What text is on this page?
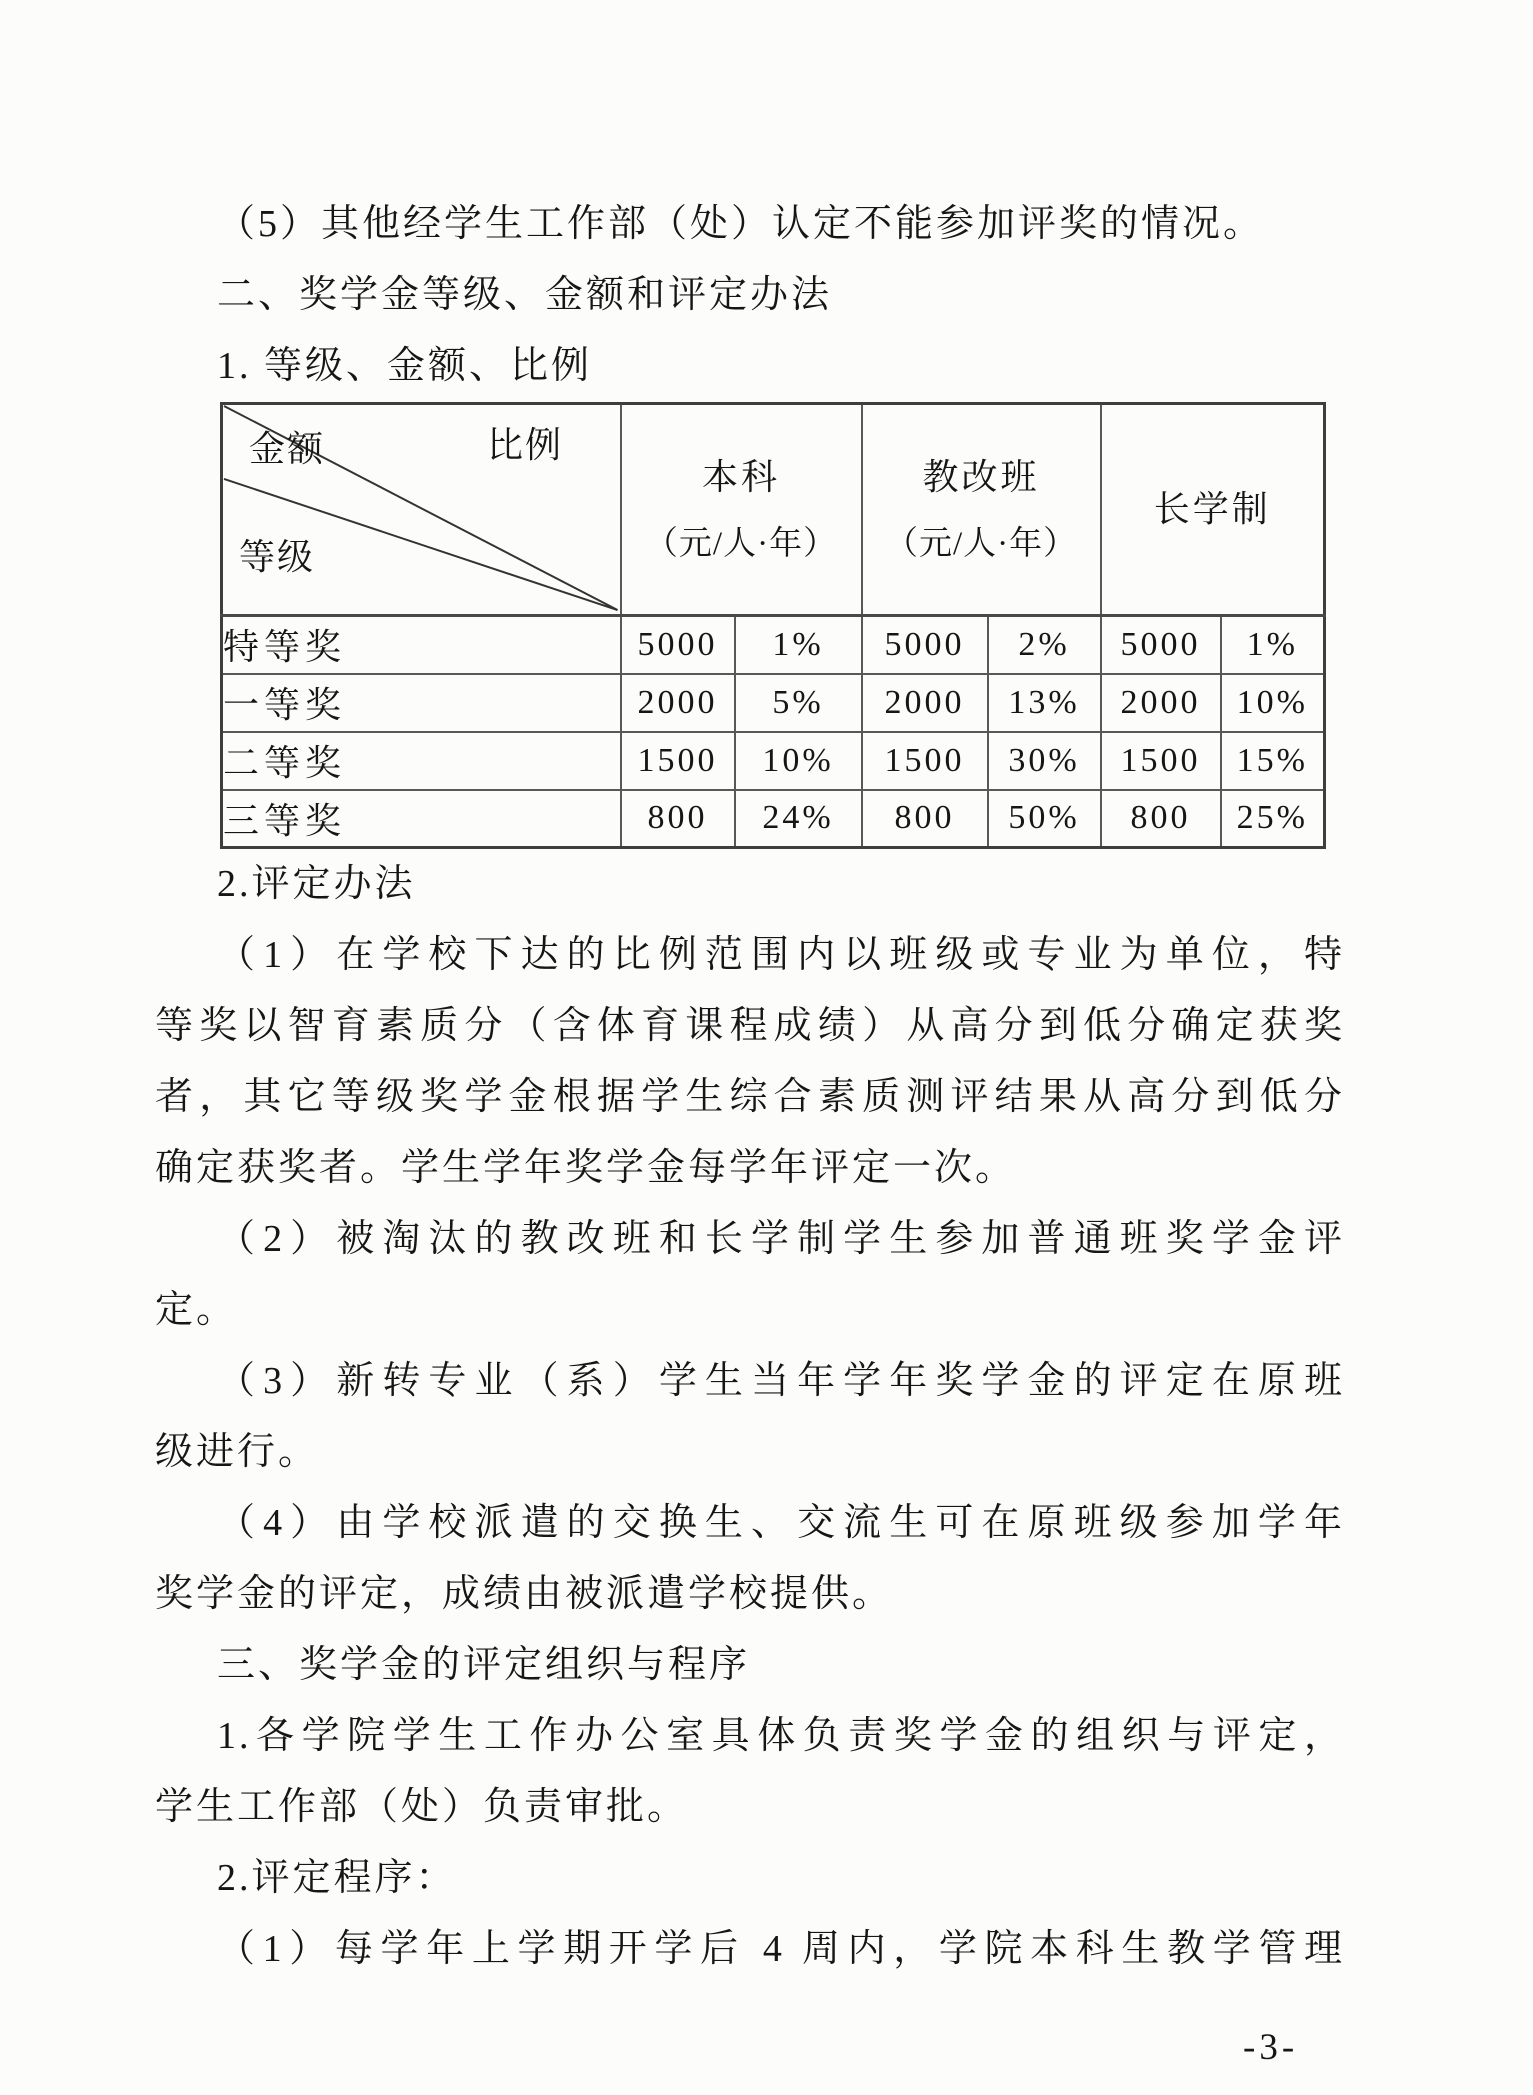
（5）其他经学生工作部（处）认定不能参加评奖的情况。
二、奖学金等级、金额和评定办法
1. 等级、金额、比例
金额	比例
等级

本科
（元/人·年）

教改班
（元/人·年）

长学制

特等奖	5000	1%	5000	2%	5000	1%
一等奖	2000	5%	2000	13%	2000	10%
二等奖	1500	10%	1500	30%	1500	15%
三等奖	800	24%	800	50%	800	25%
2.评定办法
（1）在学校下达的比例范围内以班级或专业为单位，特
等奖以智育素质分（含体育课程成绩）从高分到低分确定获奖
者，其它等级奖学金根据学生综合素质测评结果从高分到低分
确定获奖者。学生学年奖学金每学年评定一次。
（2）被淘汰的教改班和长学制学生参加普通班奖学金评
定。
（3）新转专业（系）学生当年学年奖学金的评定在原班
级进行。
（4）由学校派遣的交换生、交流生可在原班级参加学年
奖学金的评定，成绩由被派遣学校提供。
三、奖学金的评定组织与程序
1.各学院学生工作办公室具体负责奖学金的组织与评定，
学生工作部（处）负责审批。
2.评定程序：
（1）每学年上学期开学后 4 周内，学院本科生教学管理
-3-
